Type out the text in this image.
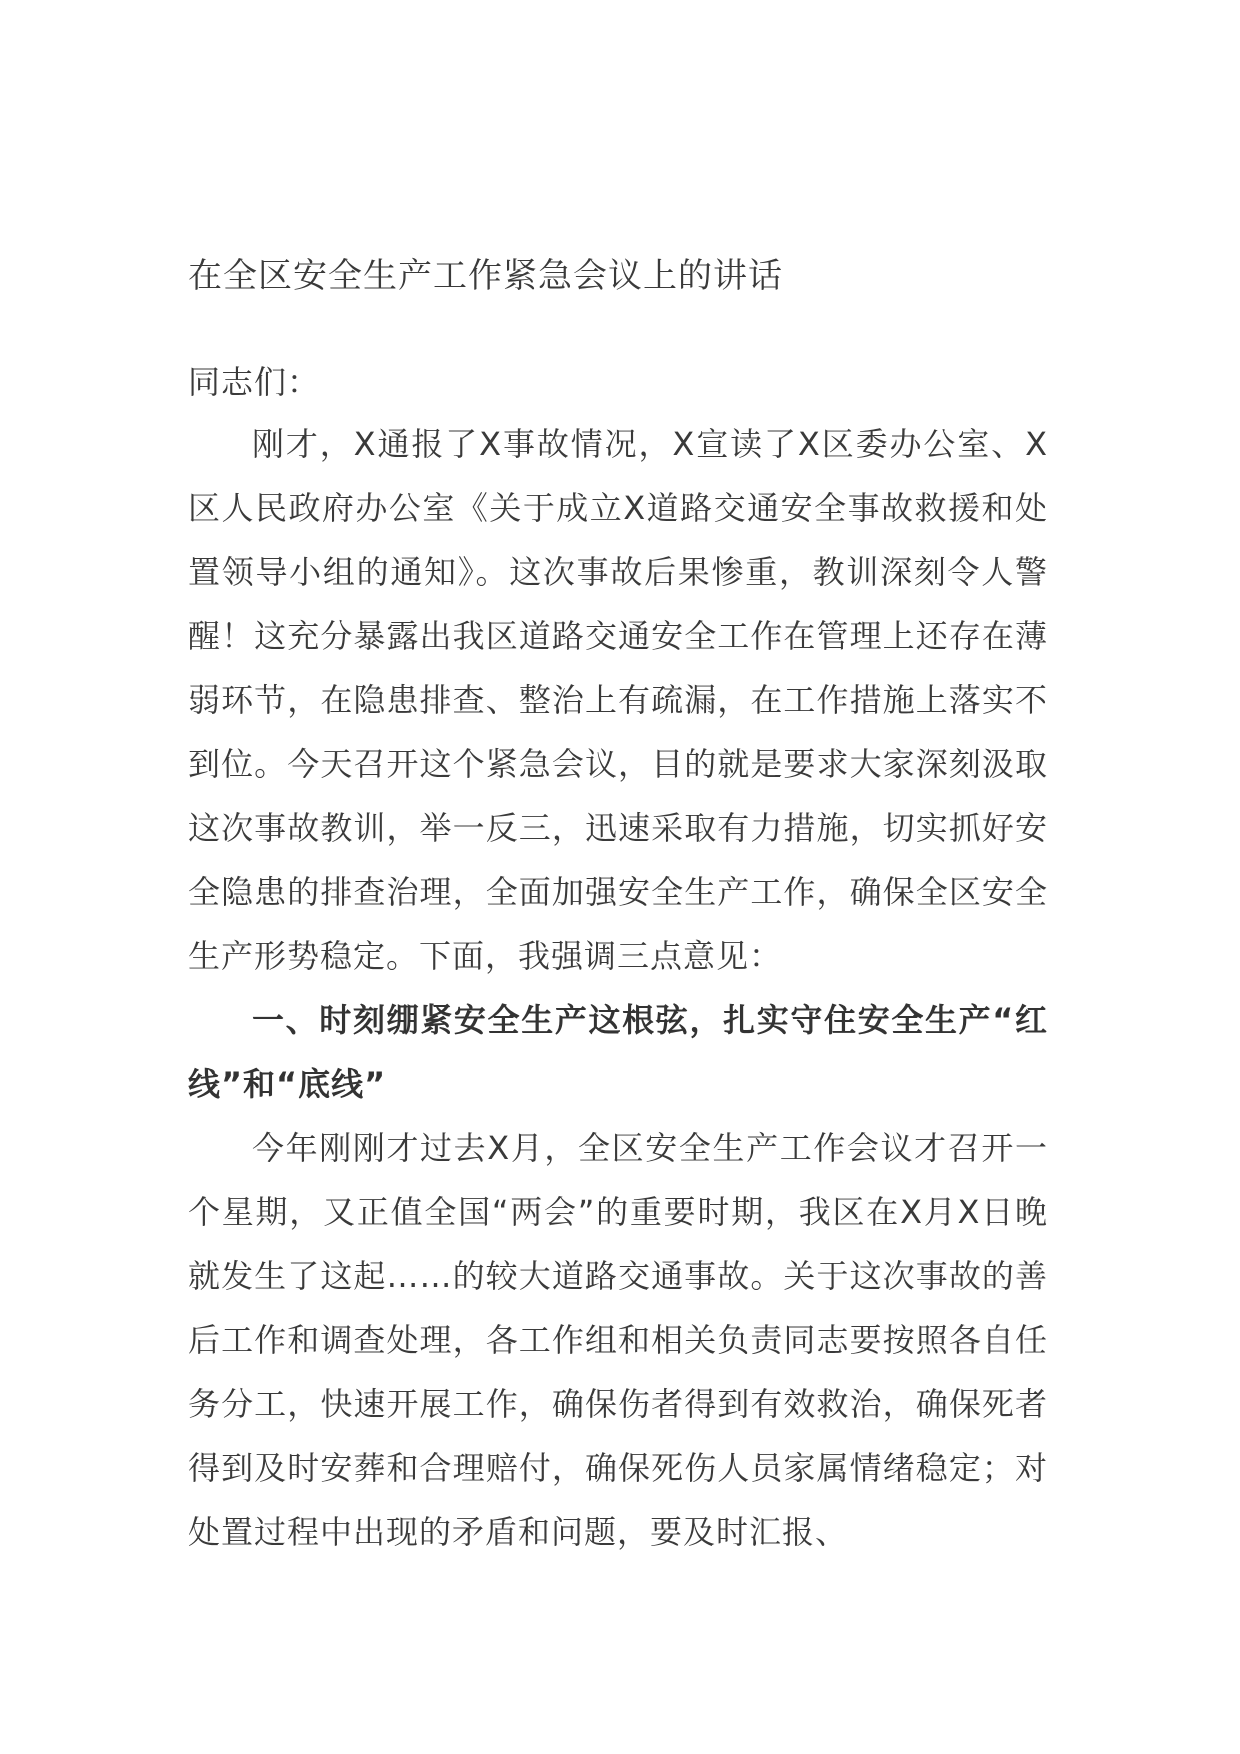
在全区安全生产工作紧急会议上的讲话

同志们：

刚才，X通报了X事故情况，X宣读了X区委办公室、X区人民政府办公室《关于成立X道路交通安全事故救援和处置领导小组的通知》。这次事故后果惨重，教训深刻令人警醒！这充分暴露出我区道路交通安全工作在管理上还存在薄弱环节，在隐患排查、整治上有疏漏，在工作措施上落实不到位。今天召开这个紧急会议，目的就是要求大家深刻汲取这次事故教训，举一反三，迅速采取有力措施，切实抓好安全隐患的排查治理，全面加强安全生产工作，确保全区安全生产形势稳定。下面，我强调三点意见：

一、时刻绷紧安全生产这根弦，扎实守住安全生产“红线”和“底线”

今年刚刚才过去X月，全区安全生产工作会议才召开一个星期，又正值全国“两会”的重要时期，我区在X月X日晚就发生了这起……的较大道路交通事故。关于这次事故的善后工作和调查处理，各工作组和相关负责同志要按照各自任务分工，快速开展工作，确保伤者得到有效救治，确保死者得到及时安葬和合理赔付，确保死伤人员家属情绪稳定；对处置过程中出现的矛盾和问题，要及时汇报、
